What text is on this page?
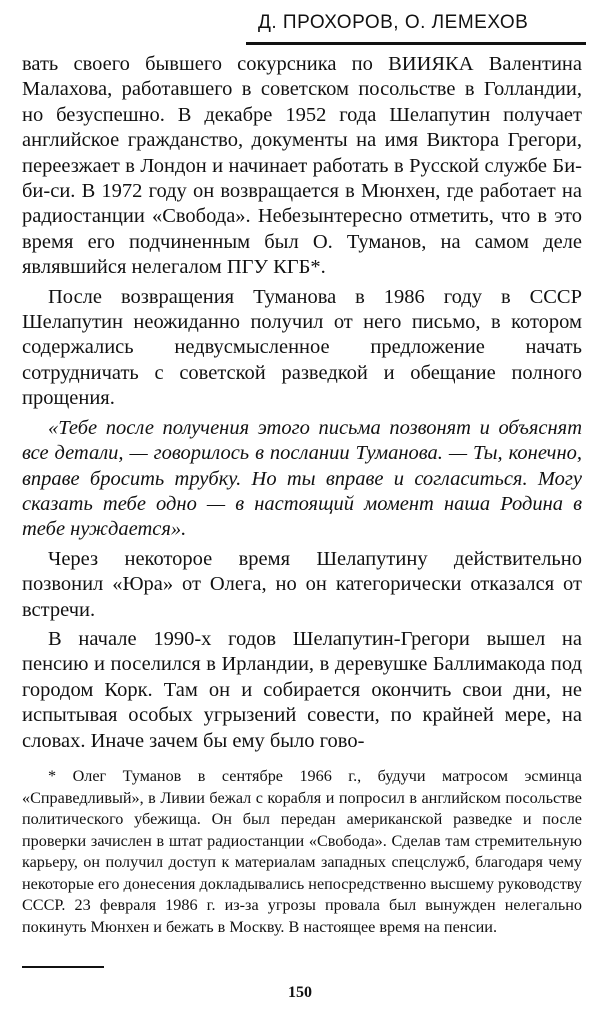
Д. ПРОХОРОВ, О. ЛЕМЕХОВ

вать своего бывшего сокурсника по ВИИЯКА Валентина Малахова, работавшего в советском посольстве в Голландии, но безуспешно. В декабре 1952 года Шелапутин получает английское гражданство, документы на имя Виктора Грегори, переезжает в Лондон и начинает работать в Русской службе Би-би-си. В 1972 году он возвращается в Мюнхен, где работает на радиостанции «Свобода». Небезынтересно отметить, что в это время его подчиненным был О. Туманов, на самом деле являвшийся нелегалом ПГУ КГБ*.

После возвращения Туманова в 1986 году в СССР Шелапутин неожиданно получил от него письмо, в котором содержались недвусмысленное предложение начать сотрудничать с советской разведкой и обещание полного прощения.

«Тебе после получения этого письма позвонят и объяснят все детали, — говорилось в послании Туманова. — Ты, конечно, вправе бросить трубку. Но ты вправе и согласиться. Могу сказать тебе одно — в настоящий момент наша Родина в тебе нуждается».

Через некоторое время Шелапутину действительно позвонил «Юра» от Олега, но он категорически отказался от встречи.

В начале 1990-х годов Шелапутин-Грегори вышел на пенсию и поселился в Ирландии, в деревушке Баллимакода под городом Корк. Там он и собирается окончить свои дни, не испытывая особых угрызений совести, по крайней мере, на словах. Иначе зачем бы ему было гово-

* Олег Туманов в сентябре 1966 г., будучи матросом эсминца «Справедливый», в Ливии бежал с корабля и попросил в английском посольстве политического убежища. Он был передан американской разведке и после проверки зачислен в штат радиостанции «Свобода». Сделав там стремительную карьеру, он получил доступ к материалам западных спецслужб, благодаря чему некоторые его донесения докладывались непосредственно высшему руководству СССР. 23 февраля 1986 г. из-за угрозы провала был вынужден нелегально покинуть Мюнхен и бежать в Москву. В настоящее время на пенсии.

150
